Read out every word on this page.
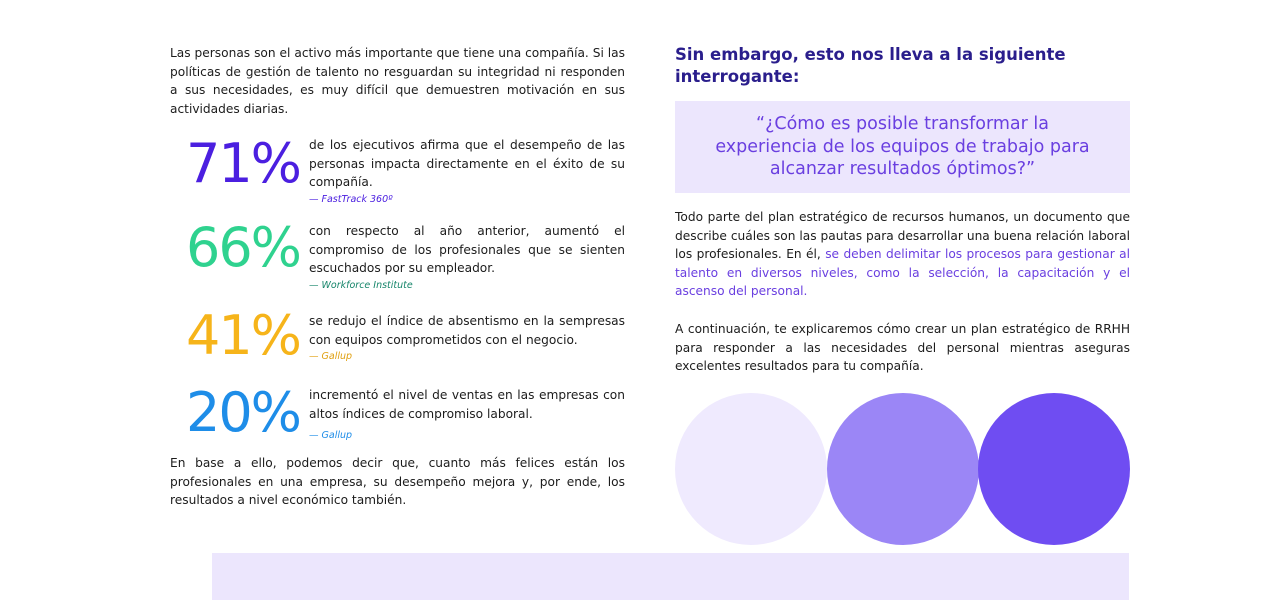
Las personas son el activo más importante que tiene una compañía. Si las políticas de gestión de talento no resguardan su integridad ni responden a sus necesidades, es muy difícil que demuestren motivación en sus actividades diarias.

71% de los ejecutivos afirma que el desempeño de las personas impacta directamente en el éxito de su compañía.
— FastTrack 360º
66% con respecto al año anterior, aumentó el compromiso de los profesionales que se sienten escuchados por su empleador.
— Workforce Institute
41% se redujo el índice de absentismo en la sempresas con equipos comprometidos con el negocio.
— Gallup
20% incrementó el nivel de ventas en las empresas con altos índices de compromiso laboral.
— Gallup

En base a ello, podemos decir que, cuanto más felices están los profesionales en una empresa, su desempeño mejora y, por ende, los resultados a nivel económico también.

Sin embargo, esto nos lleva a la siguiente interrogante:
“¿Cómo es posible transformar la experiencia de los equipos de trabajo para alcanzar resultados óptimos?”

Todo parte del plan estratégico de recursos humanos, un documento que describe cuáles son las pautas para desarrollar una buena relación laboral los profesionales. En él, se deben delimitar los procesos para gestionar al talento en diversos niveles, como la selección, la capacitación y el ascenso del personal.

A continuación, te explicaremos cómo crear un plan estratégico de RRHH para responder a las necesidades del personal mientras aseguras excelentes resultados para tu compañía.
